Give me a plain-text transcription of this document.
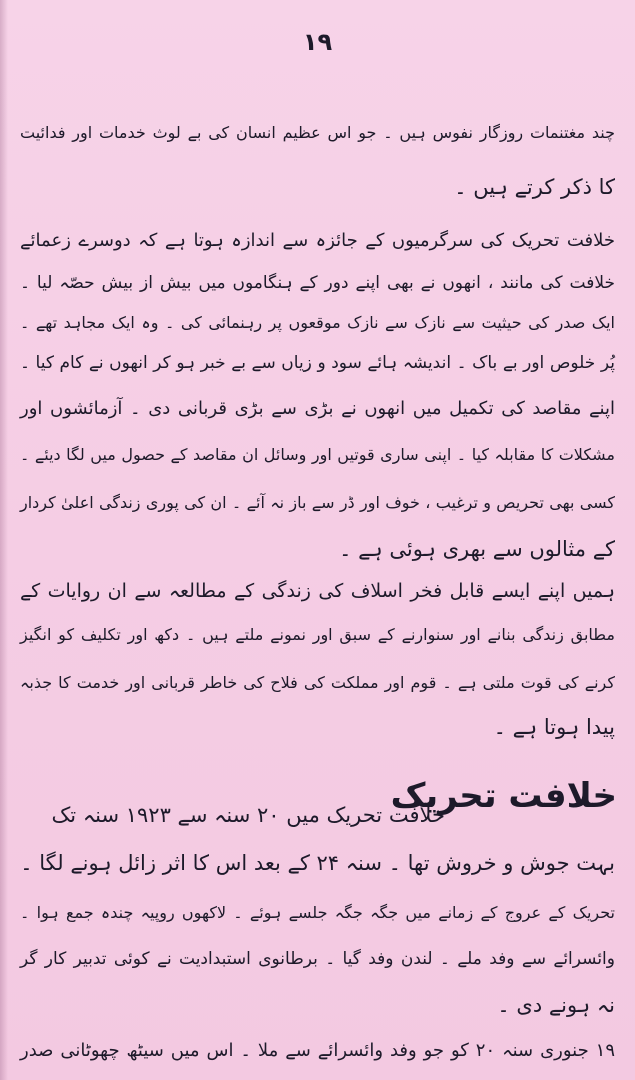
١٩
چند مغتنمات روزگار نفوس ہیں ۔ جو اس عظیم انسان کی بے لوث خدمات اور فدائیت
کا ذکر کرتے ہیں ۔
خلافت تحریک کی سرگرمیوں کے جائزہ سے اندازہ ہوتا ہے کہ دوسرے زعمائے
خلافت کی مانند ، انھوں نے بھی اپنے دور کے ہنگاموں میں بیش از بیش حصّہ لیا ۔
ایک صدر کی حیثیت سے نازک سے نازک موقعوں پر رہنمائی کی ۔ وہ ایک مجاہد تھے ۔
پُر خلوص اور بے باک ۔ اندیشہ ہائے سود و زیاں سے بے خبر ہو کر انھوں نے کام کیا ۔
اپنے مقاصد کی تکمیل میں انھوں نے بڑی سے بڑی قربانی دی ۔ آزمائشوں اور
مشکلات کا مقابلہ کیا ۔ اپنی ساری قوتیں اور وسائل ان مقاصد کے حصول میں لگا دیئے ۔
کسی بھی تحریص و ترغیب ، خوف اور ڈر سے باز نہ آئے ۔ ان کی پوری زندگی اعلیٰ کردار
کے مثالوں سے بھری ہوئی ہے ۔
ہمیں اپنے ایسے قابل فخر اسلاف کی زندگی کے مطالعہ سے ان روایات کے
مطابق زندگی بنانے اور سنوارنے کے سبق اور نمونے ملتے ہیں ۔ دکھ اور تکلیف کو انگیز
کرنے کی قوت ملتی ہے ۔ قوم اور مملکت کی فلاح کی خاطر قربانی اور خدمت کا جذبہ
پیدا ہوتا ہے ۔
خلافت تحریک
خلافت تحریک میں ۲۰ سنہ سے ۱۹۲۳ سنہ تک
بہت جوش و خروش تھا ۔ سنہ ۲۴ کے بعد اس کا اثر زائل ہونے لگا ۔
تحریک کے عروج کے زمانے میں جگہ جگہ جلسے ہوئے ۔ لاکھوں روپیہ چندہ جمع ہوا ۔
وائسرائے سے وفد ملے ۔ لندن وفد گیا ۔ برطانوی استبدادیت نے کوئی تدبیر کار گر
نہ ہونے دی ۔
۱۹ جنوری سنہ ۲۰ کو جو وفد وائسرائے سے ملا ۔ اس میں سیٹھ چھوٹانی صدر
